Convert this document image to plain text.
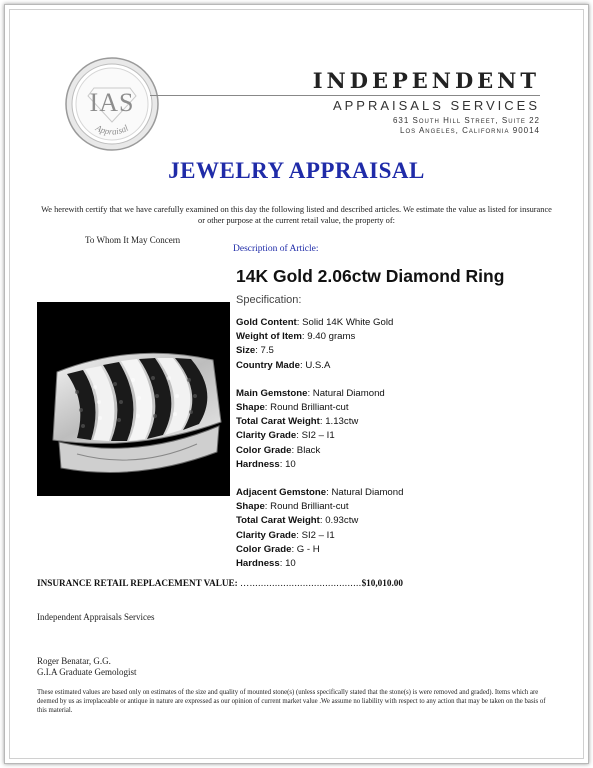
IAS
Appraisal
INDEPENDENT
APPRAISALS SERVICES
631 South Hill Street, Suite 22
Los Angeles, California 90014
JEWELRY APPRAISAL
We herewith certify that we have carefully examined on this day the following listed and described articles. We estimate the value as listed for insurance or other purpose at the current retail value, the property of:
To Whom It May Concern
Description of Article:
14K Gold 2.06ctw Diamond Ring
Specification:
Gold Content: Solid 14K White Gold
Weight of Item: 9.40 grams
Size: 7.5
Country Made: U.S.A
Main Gemstone: Natural Diamond
Shape: Round Brilliant-cut
Total Carat Weight: 1.13ctw
Clarity Grade: SI2 – I1
Color Grade: Black
Hardness: 10
Adjacent Gemstone: Natural Diamond
Shape: Round Brilliant-cut
Total Carat Weight: 0.93ctw
Clarity Grade: SI2 – I1
Color Grade: G - H
Hardness: 10
INSURANCE RETAIL REPLACEMENT VALUE: …........................................$10,010.00
Independent Appraisals Services
Roger Benatar, G.G.
G.I.A Graduate Gemologist
These estimated values are based only on estimates of the size and quality of mounted stone(s) (unless specifically stated that the stone(s) is were removed and graded). Items which are deemed by us as irreplaceable or antique in nature are expressed as our opinion of current market value .We assume no liability with respect to any action that may be taken on the basis of this material.
